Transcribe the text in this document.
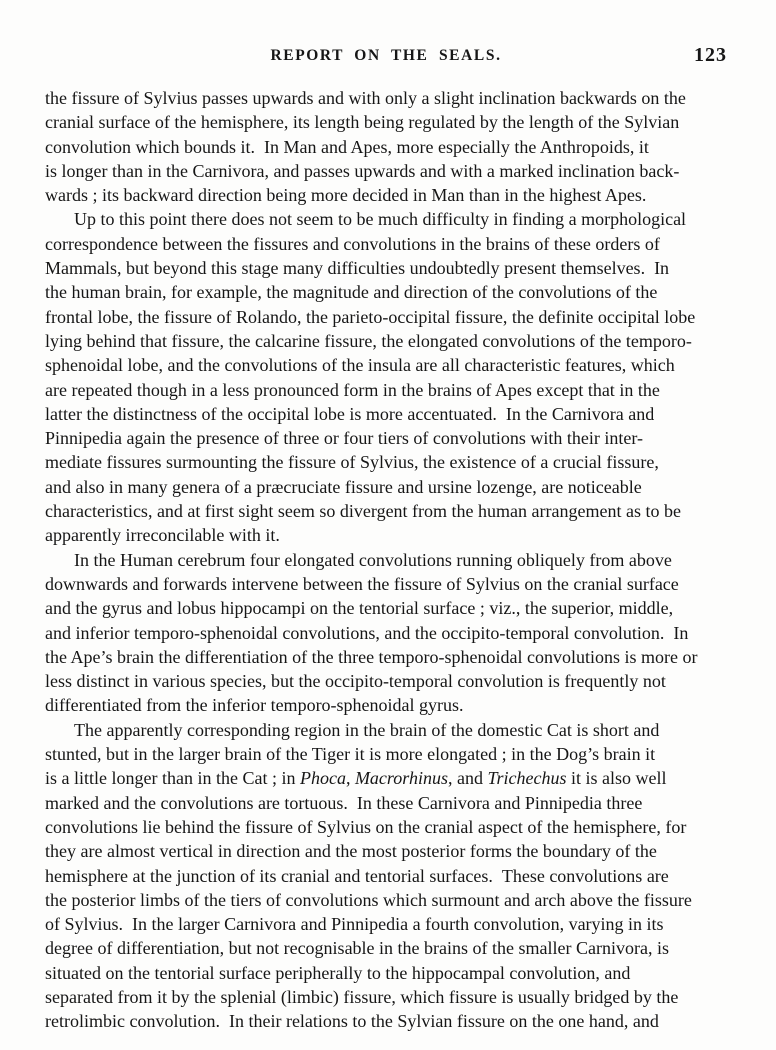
REPORT ON THE SEALS.	123
the fissure of Sylvius passes upwards and with only a slight inclination backwards on the
cranial surface of the hemisphere, its length being regulated by the length of the Sylvian
convolution which bounds it. In Man and Apes, more especially the Anthropoids, it
is longer than in the Carnivora, and passes upwards and with a marked inclination back-
wards ; its backward direction being more decided in Man than in the highest Apes.
Up to this point there does not seem to be much difficulty in finding a morphological
correspondence between the fissures and convolutions in the brains of these orders of
Mammals, but beyond this stage many difficulties undoubtedly present themselves. In
the human brain, for example, the magnitude and direction of the convolutions of the
frontal lobe, the fissure of Rolando, the parieto-occipital fissure, the definite occipital lobe
lying behind that fissure, the calcarine fissure, the elongated convolutions of the temporo-
sphenoidal lobe, and the convolutions of the insula are all characteristic features, which
are repeated though in a less pronounced form in the brains of Apes except that in the
latter the distinctness of the occipital lobe is more accentuated. In the Carnivora and
Pinnipedia again the presence of three or four tiers of convolutions with their inter-
mediate fissures surmounting the fissure of Sylvius, the existence of a crucial fissure,
and also in many genera of a præcruciate fissure and ursine lozenge, are noticeable
characteristics, and at first sight seem so divergent from the human arrangement as to be
apparently irreconcilable with it.
In the Human cerebrum four elongated convolutions running obliquely from above
downwards and forwards intervene between the fissure of Sylvius on the cranial surface
and the gyrus and lobus hippocampi on the tentorial surface ; viz., the superior, middle,
and inferior temporo-sphenoidal convolutions, and the occipito-temporal convolution. In
the Ape’s brain the differentiation of the three temporo-sphenoidal convolutions is more or
less distinct in various species, but the occipito-temporal convolution is frequently not
differentiated from the inferior temporo-sphenoidal gyrus.
The apparently corresponding region in the brain of the domestic Cat is short and
stunted, but in the larger brain of the Tiger it is more elongated ; in the Dog’s brain it
is a little longer than in the Cat ; in Phoca, Macrorhinus, and Trichechus it is also well
marked and the convolutions are tortuous. In these Carnivora and Pinnipedia three
convolutions lie behind the fissure of Sylvius on the cranial aspect of the hemisphere, for
they are almost vertical in direction and the most posterior forms the boundary of the
hemisphere at the junction of its cranial and tentorial surfaces. These convolutions are
the posterior limbs of the tiers of convolutions which surmount and arch above the fissure
of Sylvius. In the larger Carnivora and Pinnipedia a fourth convolution, varying in its
degree of differentiation, but not recognisable in the brains of the smaller Carnivora, is
situated on the tentorial surface peripherally to the hippocampal convolution, and
separated from it by the splenial (limbic) fissure, which fissure is usually bridged by the
retrolimbic convolution. In their relations to the Sylvian fissure on the one hand, and
